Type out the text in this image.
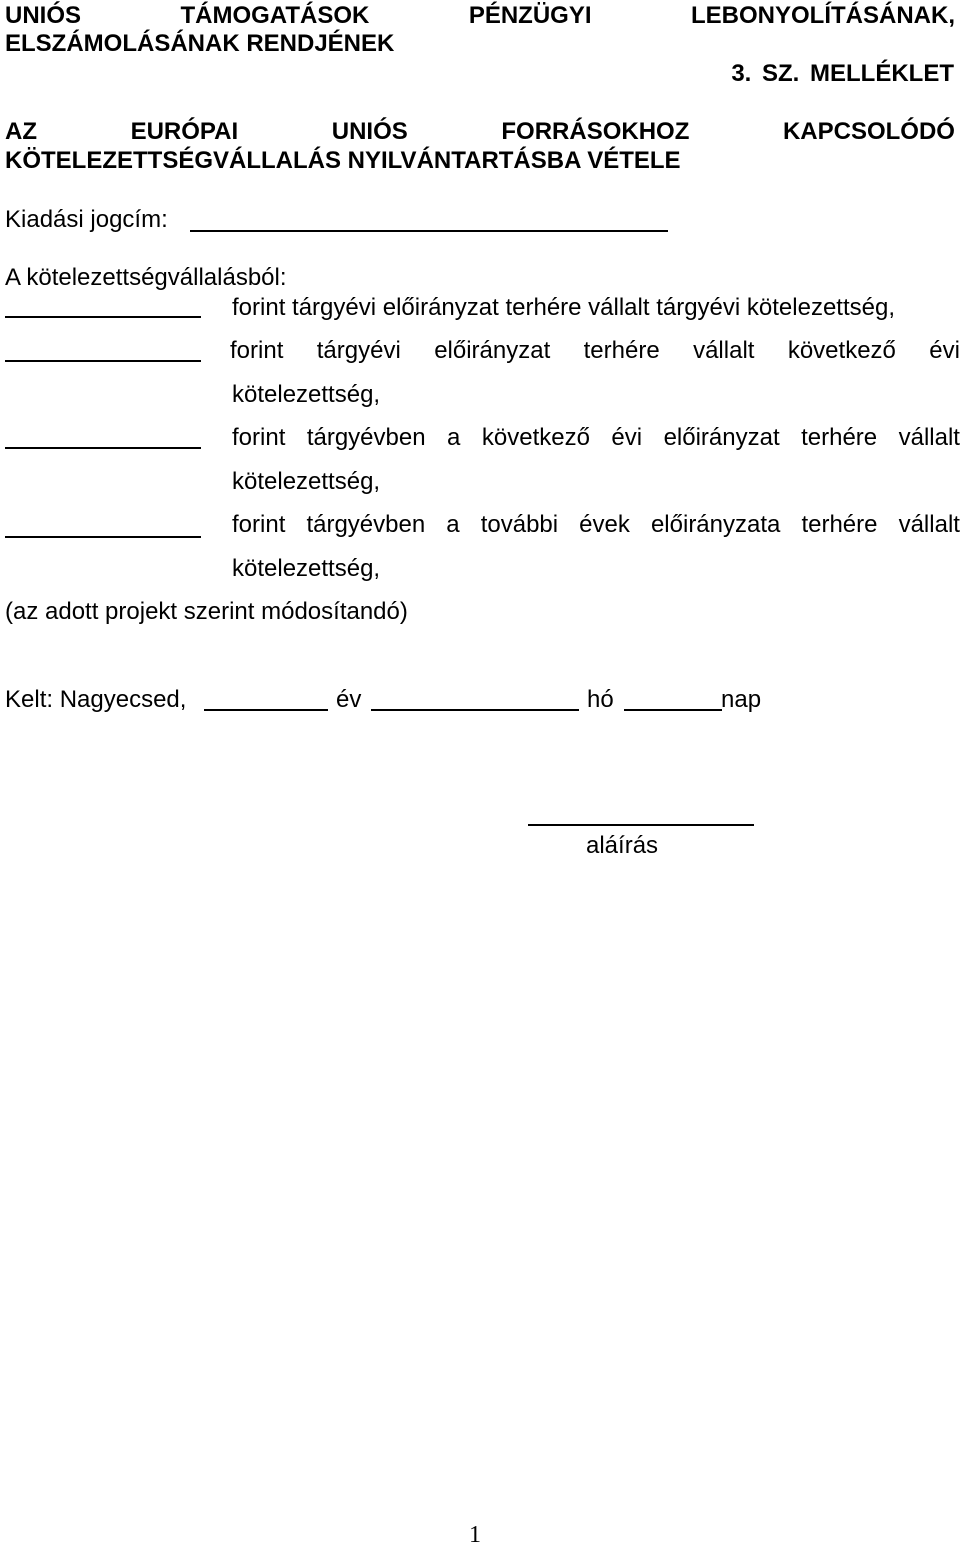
UNIÓS	TÁMOGATÁSOK	PÉNZÜGYI	LEBONYOLÍTÁSÁNAK,
ELSZÁMOLÁSÁNAK RENDJÉNEK
3. SZ. MELLÉKLET
AZ	EURÓPAI	UNIÓS	FORRÁSOKHOZ	KAPCSOLÓDÓ
KÖTELEZETTSÉGVÁLLALÁS NYILVÁNTARTÁSBA VÉTELE
Kiadási jogcím:
A kötelezettségvállalásból:
forint tárgyévi előirányzat terhére vállalt tárgyévi kötelezettség,
forint tárgyévi előirányzat terhére vállalt következő évi
kötelezettség,
forint tárgyévben a következő évi előirányzat terhére vállalt
kötelezettség,
forint tárgyévben a további évek előirányzata terhére vállalt
kötelezettség,
(az adott projekt szerint módosítandó)
Kelt: Nagyecsed,	év	hó	nap
aláírás
1
